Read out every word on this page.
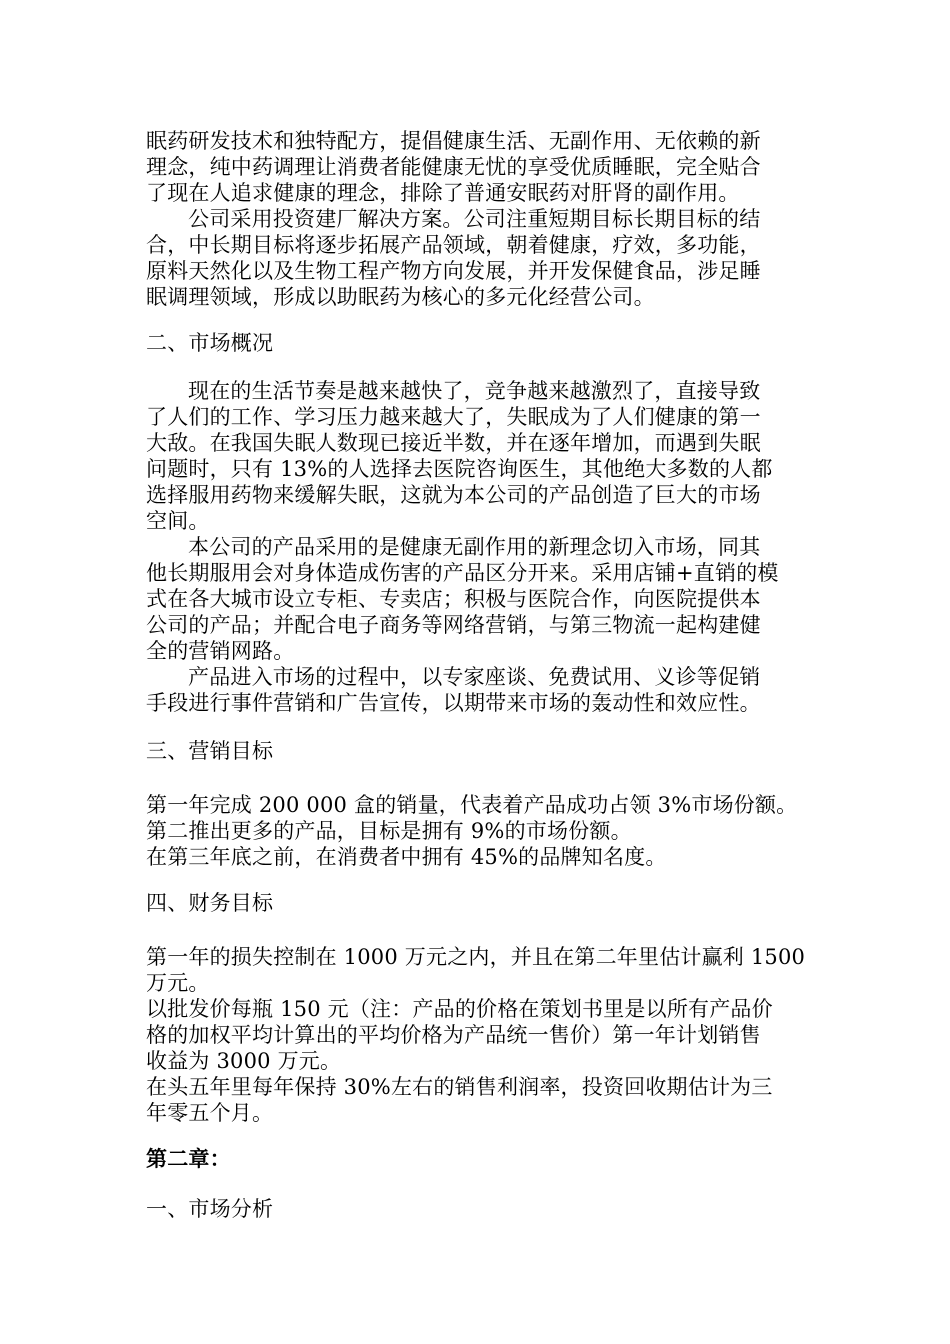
眠药研发技术和独特配方，提倡健康生活、无副作用、无依赖的新
理念，纯中药调理让消费者能健康无忧的享受优质睡眠，完全贴合
了现在人追求健康的理念，排除了普通安眠药对肝肾的副作用。
公司采用投资建厂解决方案。公司注重短期目标长期目标的结
合，中长期目标将逐步拓展产品领域，朝着健康，疗效，多功能，
原料天然化以及生物工程产物方向发展，并开发保健食品，涉足睡
眠调理领域，形成以助眠药为核心的多元化经营公司。
二、市场概况
现在的生活节奏是越来越快了，竞争越来越激烈了，直接导致
了人们的工作、学习压力越来越大了，失眠成为了人们健康的第一
大敌。在我国失眠人数现已接近半数，并在逐年增加，而遇到失眠
问题时，只有 13%的人选择去医院咨询医生，其他绝大多数的人都
选择服用药物来缓解失眠，这就为本公司的产品创造了巨大的市场
空间。
本公司的产品采用的是健康无副作用的新理念切入市场，同其
他长期服用会对身体造成伤害的产品区分开来。采用店铺+直销的模
式在各大城市设立专柜、专卖店；积极与医院合作，向医院提供本
公司的产品；并配合电子商务等网络营销，与第三物流一起构建健
全的营销网路。
产品进入市场的过程中，以专家座谈、免费试用、义诊等促销
手段进行事件营销和广告宣传，以期带来市场的轰动性和效应性。
三、营销目标
第一年完成 200 000 盒的销量，代表着产品成功占领 3%市场份额。
第二推出更多的产品，目标是拥有 9%的市场份额。
在第三年底之前，在消费者中拥有 45%的品牌知名度。
四、财务目标
第一年的损失控制在 1000 万元之内，并且在第二年里估计赢利 1500
万元。
以批发价每瓶 150 元（注：产品的价格在策划书里是以所有产品价
格的加权平均计算出的平均价格为产品统一售价）第一年计划销售
收益为 3000 万元。
在头五年里每年保持 30%左右的销售利润率，投资回收期估计为三
年零五个月。
第二章：
一、市场分析
